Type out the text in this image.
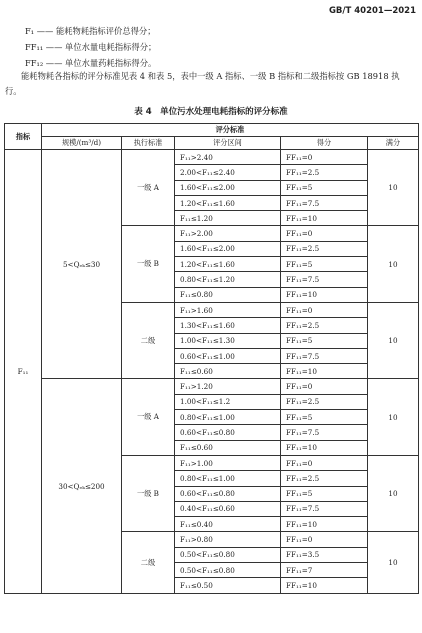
GB/T 40201—2021
F₁ —— 能耗物耗指标评价总得分；
FF₁₁ —— 单位水量电耗指标得分；
FF₁₂ —— 单位水量药耗指标得分。
能耗物耗各指标的评分标准见表 4 和表 5，表中一级 A 指标、一级 B 指标和二级指标按 GB 18918 执行。
表 4　单位污水处理电耗指标的评分标准
指标	评分标准				
	规模/(m³/d)	执行标准	评分区间	得分	满分
F₁₁	5<Qₑₖ≤30	一级 A	F₁₁>2.40	FF₁₁=0	10
			2.00<F₁₁≤2.40	FF₁₁=2.5	
			1.60<F₁₁≤2.00	FF₁₁=5	
			1.20<F₁₁≤1.60	FF₁₁=7.5	
			F₁₁≤1.20	FF₁₁=10	
		一级 B	F₁₁>2.00	FF₁₁=0	10
			1.60<F₁₁≤2.00	FF₁₁=2.5	
			1.20<F₁₁≤1.60	FF₁₁=5	
			0.80<F₁₁≤1.20	FF₁₁=7.5	
			F₁₁≤0.80	FF₁₁=10	
		二级	F₁₁>1.60	FF₁₁=0	10
			1.30<F₁₁≤1.60	FF₁₁=2.5	
			1.00<F₁₁≤1.30	FF₁₁=5	
			0.60<F₁₁≤1.00	FF₁₁=7.5	
			F₁₁≤0.60	FF₁₁=10	
	30<Qₑₖ≤200	一级 A	F₁₁>1.20	FF₁₁=0	10
			1.00<F₁₁≤1.2	FF₁₁=2.5	
			0.80<F₁₁≤1.00	FF₁₁=5	
			0.60<F₁₁≤0.80	FF₁₁=7.5	
			F₁₁≤0.60	FF₁₁=10	
		一级 B	F₁₁>1.00	FF₁₁=0	10
			0.80<F₁₁≤1.00	FF₁₁=2.5	
			0.60<F₁₁≤0.80	FF₁₁=5	
			0.40<F₁₁≤0.60	FF₁₁=7.5	
			F₁₁≤0.40	FF₁₁=10	
		二级	F₁₁>0.80	FF₁₁=0	10
			0.50<F₁₁≤0.80	FF₁₁=3.5	
			0.50<F₁₁≤0.80	FF₁₁=7	
			F₁₁≤0.50	FF₁₁=10	
